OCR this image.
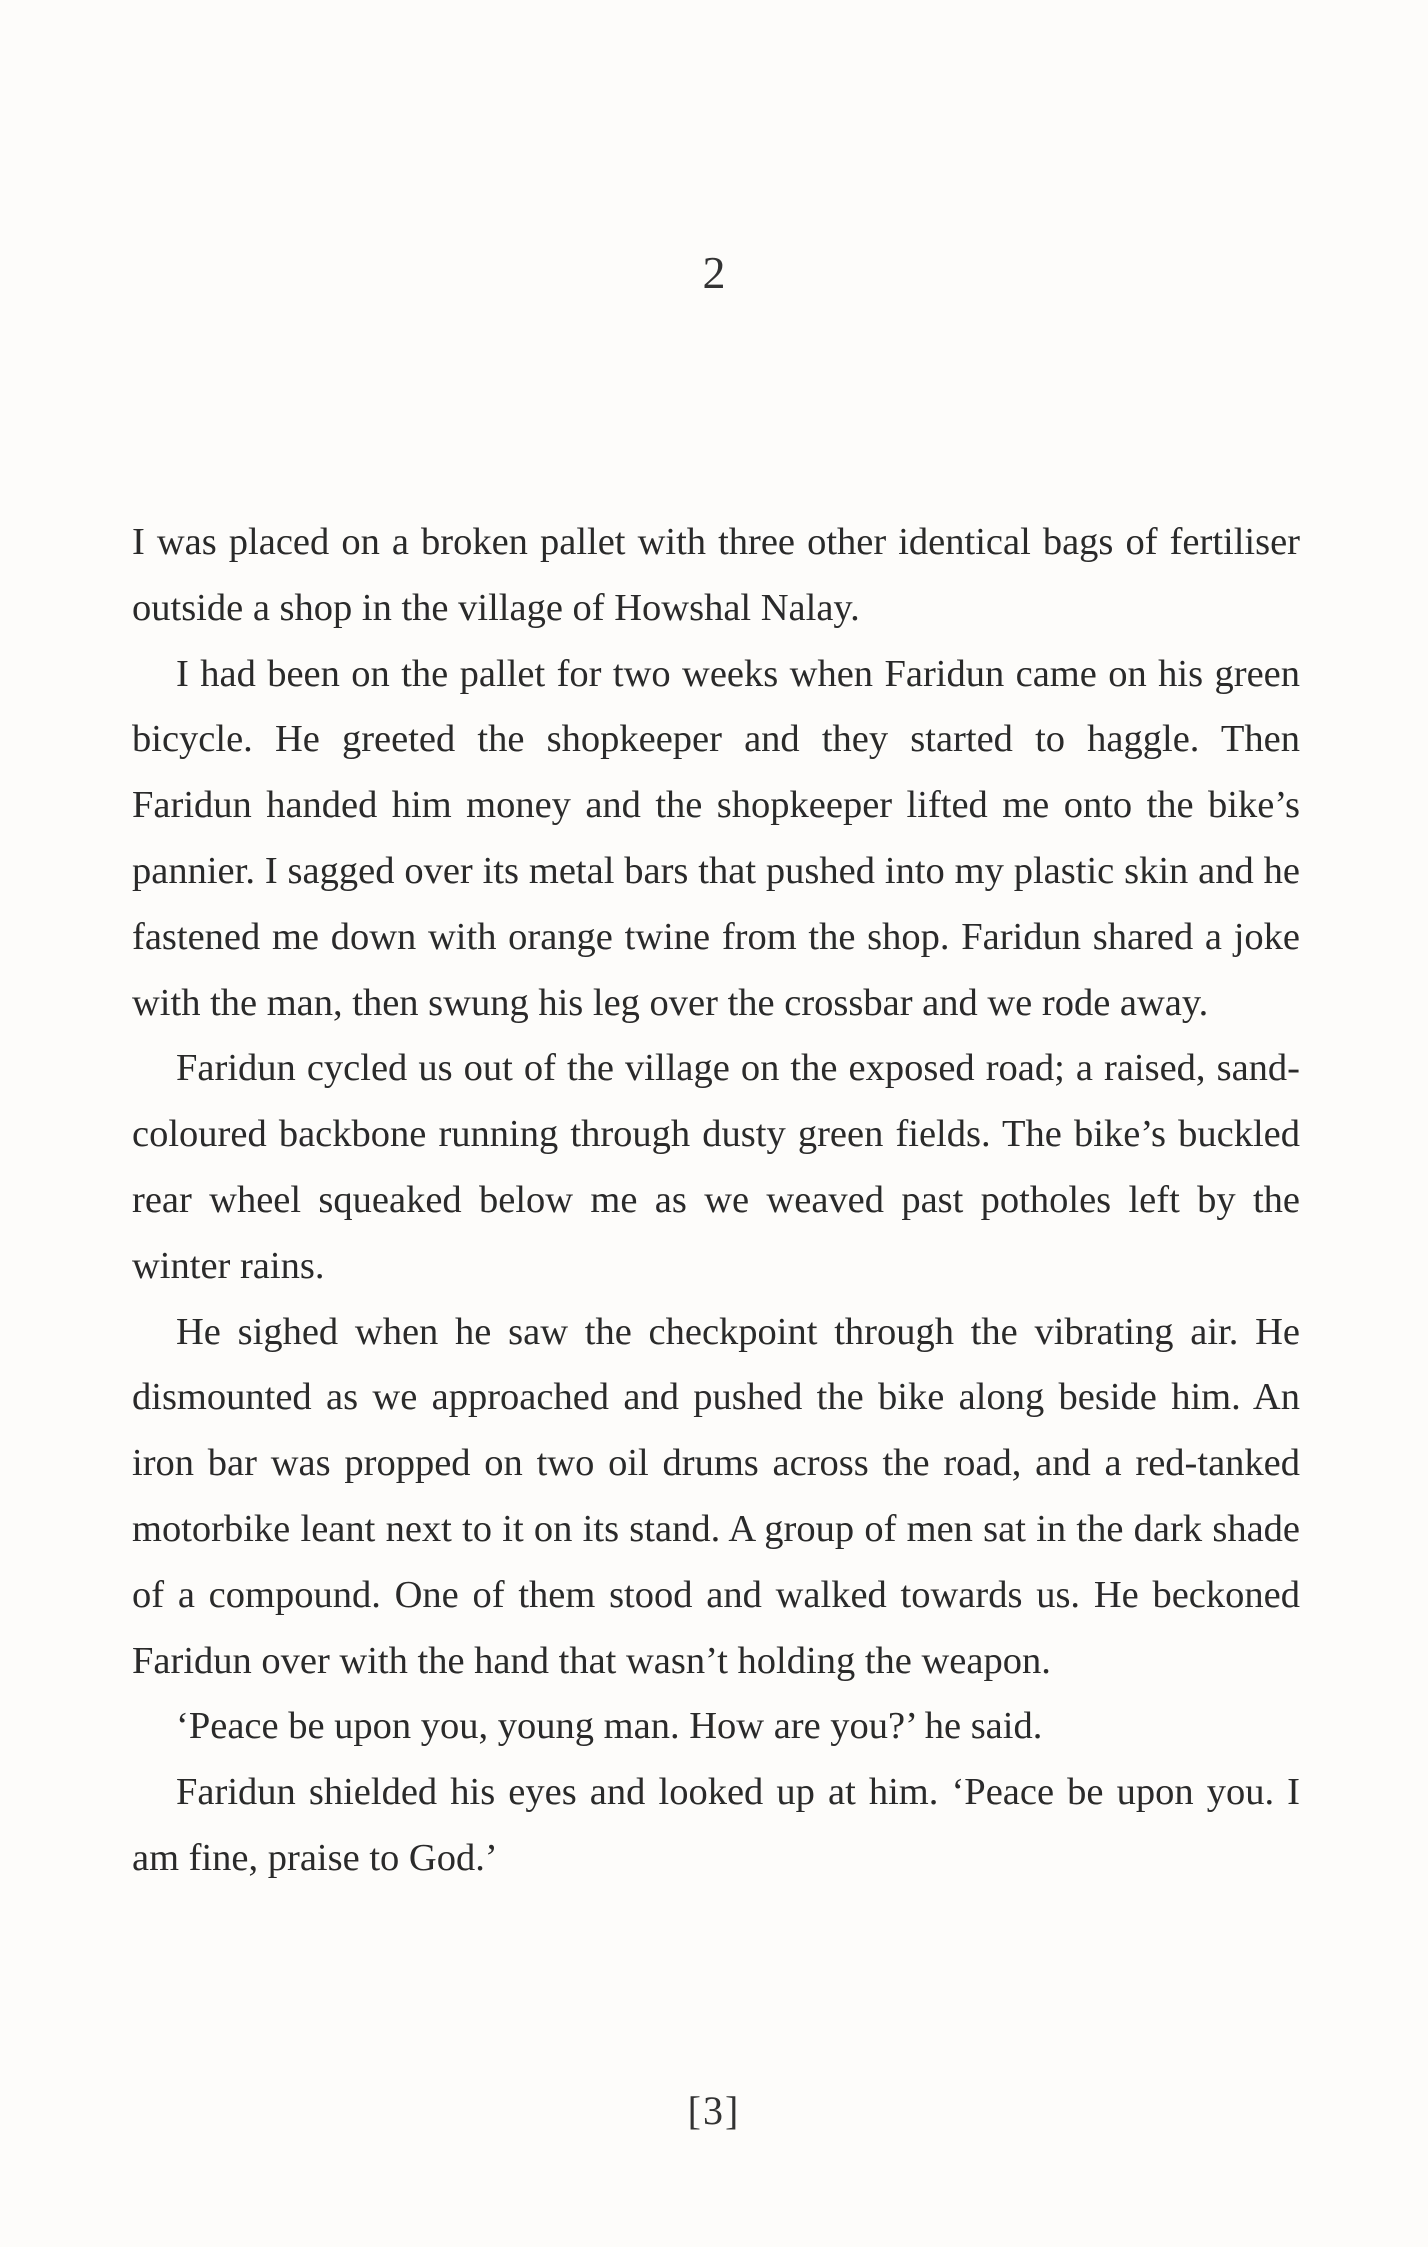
2

I was placed on a broken pallet with three other identical bags of fertiliser outside a shop in the village of Howshal Nalay.

I had been on the pallet for two weeks when Faridun came on his green bicycle. He greeted the shopkeeper and they started to haggle. Then Faridun handed him money and the shopkeeper lifted me onto the bike’s pannier. I sagged over its metal bars that pushed into my plastic skin and he fastened me down with orange twine from the shop. Faridun shared a joke with the man, then swung his leg over the crossbar and we rode away.

Faridun cycled us out of the village on the exposed road; a raised, sand-coloured backbone running through dusty green fields. The bike’s buckled rear wheel squeaked below me as we weaved past potholes left by the winter rains.

He sighed when he saw the checkpoint through the vibrating air. He dismounted as we approached and pushed the bike along beside him. An iron bar was propped on two oil drums across the road, and a red-tanked motorbike leant next to it on its stand. A group of men sat in the dark shade of a compound. One of them stood and walked towards us. He beckoned Faridun over with the hand that wasn’t holding the weapon.

‘Peace be upon you, young man. How are you?’ he said.

Faridun shielded his eyes and looked up at him. ‘Peace be upon you. I am fine, praise to God.’

[3]
